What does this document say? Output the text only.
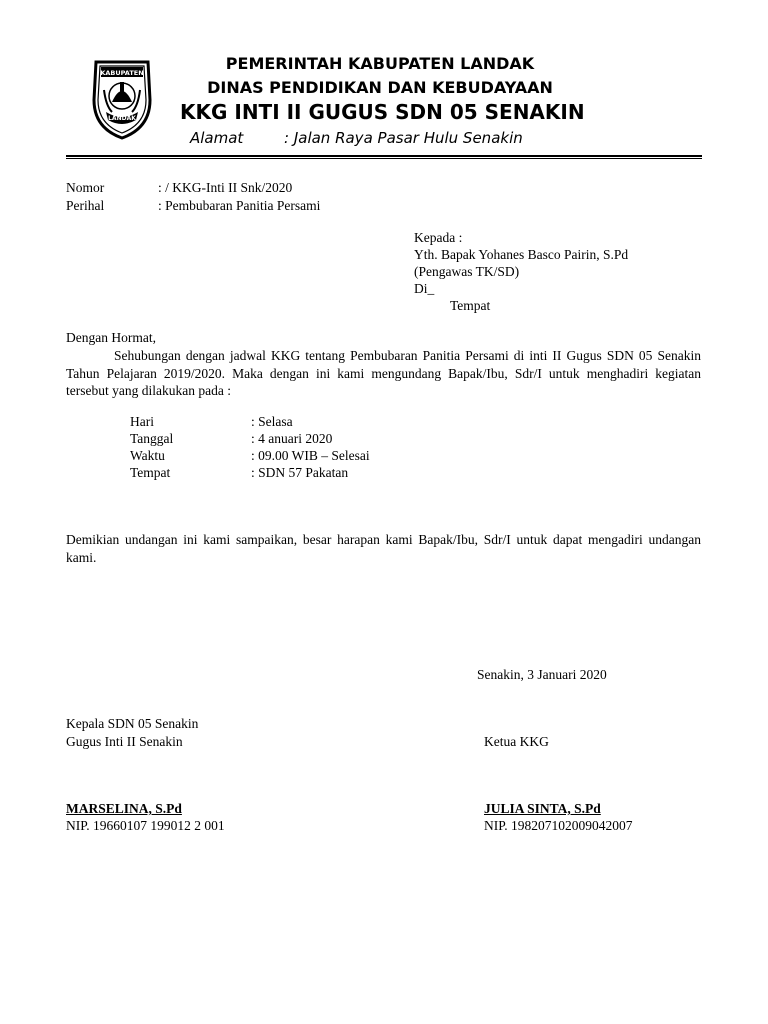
KABUPATEN
LANDAK
PEMERINTAH KABUPATEN LANDAK
DINAS PENDIDIKAN DAN KEBUDAYAAN
KKG INTI II GUGUS SDN 05 SENAKIN
Alamat	: Jalan Raya Pasar Hulu Senakin
Nomor	: / KKG-Inti II Snk/2020
Perihal	: Pembubaran Panitia Persami
Kepada :
Yth. Bapak Yohanes Basco Pairin, S.Pd
(Pengawas TK/SD)
Di_
Tempat
Dengan Hormat,
Sehubungan dengan jadwal KKG tentang Pembubaran Panitia Persami di inti II Gugus SDN 05 Senakin Tahun Pelajaran 2019/2020. Maka dengan ini kami mengundang Bapak/Ibu, Sdr/I untuk menghadiri kegiatan tersebut yang dilakukan pada :
Hari	: Selasa
Tanggal	: 4 anuari 2020
Waktu	: 09.00 WIB – Selesai
Tempat	: SDN 57 Pakatan
Demikian undangan ini kami sampaikan, besar harapan kami Bapak/Ibu, Sdr/I untuk dapat mengadiri undangan kami.
Senakin, 3 Januari 2020
Kepala SDN 05 Senakin
Gugus Inti II Senakin	Ketua KKG
MARSELINA, S.Pd	JULIA SINTA, S.Pd
NIP. 19660107 199012 2 001	NIP. 198207102009042007
